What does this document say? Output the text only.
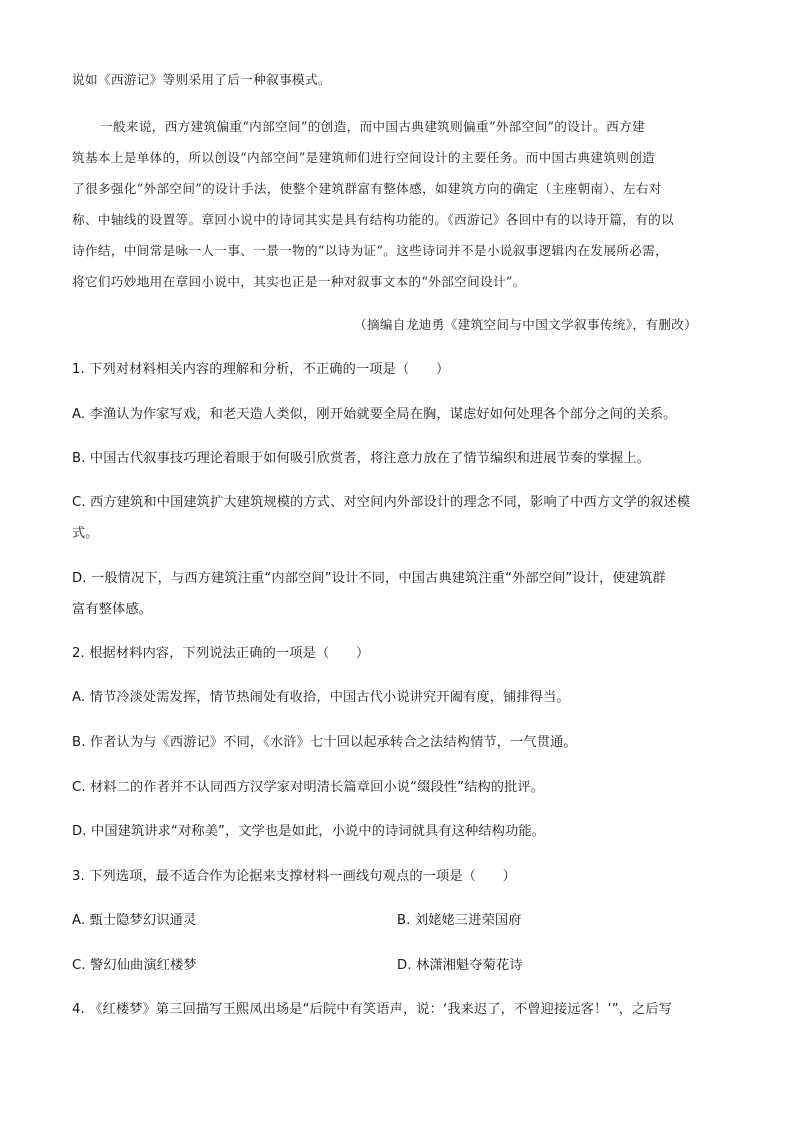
说如《西游记》等则采用了后一种叙事模式。
一般来说，西方建筑偏重“内部空间”的创造，而中国古典建筑则偏重“外部空间”的设计。西方建
筑基本上是单体的，所以创设“内部空间”是建筑师们进行空间设计的主要任务。而中国古典建筑则创造
了很多强化“外部空间”的设计手法，使整个建筑群富有整体感，如建筑方向的确定（主座朝南）、左右对
称、中轴线的设置等。章回小说中的诗词其实是具有结构功能的。《西游记》各回中有的以诗开篇，有的以
诗作结，中间常是咏一人一事、一景一物的“以诗为证”。这些诗词并不是小说叙事逻辑内在发展所必需，
将它们巧妙地用在章回小说中，其实也正是一种对叙事文本的“外部空间设计”。
（摘编自龙迪勇《建筑空间与中国文学叙事传统》，有删改）
1. 下列对材料相关内容的理解和分析，不正确的一项是（　　）
A. 李渔认为作家写戏，和老天造人类似，刚开始就要全局在胸，谋虑好如何处理各个部分之间的关系。
B. 中国古代叙事技巧理论着眼于如何吸引欣赏者，将注意力放在了情节编织和进展节奏的掌握上。
C. 西方建筑和中国建筑扩大建筑规模的方式、对空间内外部设计的理念不同，影响了中西方文学的叙述模
式。
D. 一般情况下，与西方建筑注重“内部空间”设计不同，中国古典建筑注重“外部空间”设计，使建筑群
富有整体感。
2. 根据材料内容，下列说法正确的一项是（　　）
A. 情节冷淡处需发挥，情节热闹处有收拾，中国古代小说讲究开阖有度，铺排得当。
B. 作者认为与《西游记》不同，《水浒》七十回以起承转合之法结构情节，一气贯通。
C. 材料二的作者并不认同西方汉学家对明清长篇章回小说“缀段性”结构的批评。
D. 中国建筑讲求“对称美”，文学也是如此，小说中的诗词就具有这种结构功能。
3. 下列选项，最不适合作为论据来支撑材料一画线句观点的一项是（　　）
A. 甄士隐梦幻识通灵	B. 刘姥姥三进荣国府
C. 警幻仙曲演红楼梦	D. 林潇湘魁夺菊花诗
4. 《红楼梦》第三回描写王熙凤出场是“后院中有笑语声，说：‘我来迟了，不曾迎接远客！’”，之后写
